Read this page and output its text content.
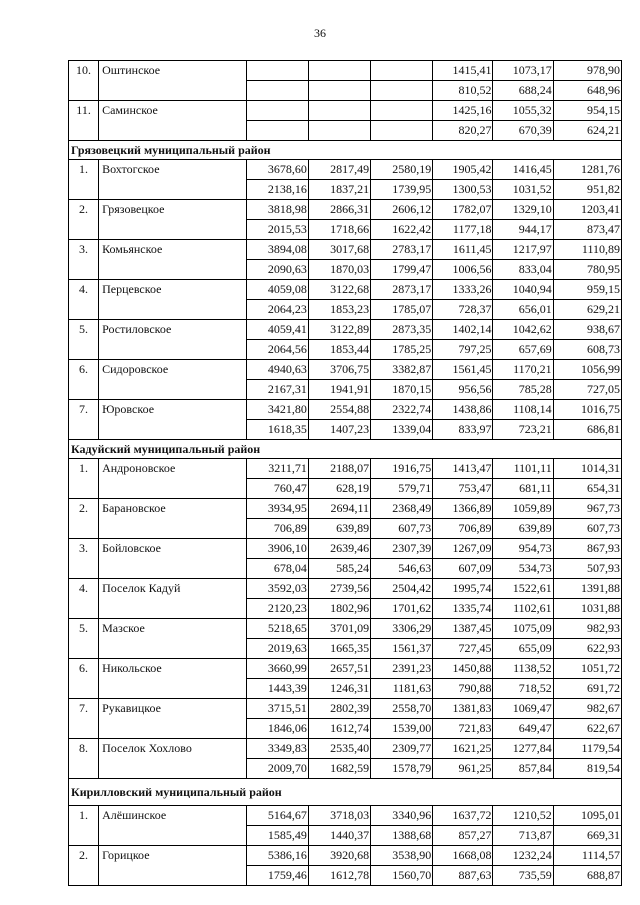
36
10.	Оштинское				1415,41	1073,17	978,90
					810,52	688,24	648,96
11.	Саминское				1425,16	1055,32	954,15
					820,27	670,39	624,21
Грязовецкий муниципальный район							
1.	Вохтогское	3678,60	2817,49	2580,19	1905,42	1416,45	1281,76
		2138,16	1837,21	1739,95	1300,53	1031,52	951,82
2.	Грязовецкое	3818,98	2866,31	2606,12	1782,07	1329,10	1203,41
		2015,53	1718,66	1622,42	1177,18	944,17	873,47
3.	Комьянское	3894,08	3017,68	2783,17	1611,45	1217,97	1110,89
		2090,63	1870,03	1799,47	1006,56	833,04	780,95
4.	Перцевское	4059,08	3122,68	2873,17	1333,26	1040,94	959,15
		2064,23	1853,23	1785,07	728,37	656,01	629,21
5.	Ростиловское	4059,41	3122,89	2873,35	1402,14	1042,62	938,67
		2064,56	1853,44	1785,25	797,25	657,69	608,73
6.	Сидоровское	4940,63	3706,75	3382,87	1561,45	1170,21	1056,99
		2167,31	1941,91	1870,15	956,56	785,28	727,05
7.	Юровское	3421,80	2554,88	2322,74	1438,86	1108,14	1016,75
		1618,35	1407,23	1339,04	833,97	723,21	686,81
Кадуйский муниципальный район							
1.	Андроновское	3211,71	2188,07	1916,75	1413,47	1101,11	1014,31
		760,47	628,19	579,71	753,47	681,11	654,31
2.	Барановское	3934,95	2694,11	2368,49	1366,89	1059,89	967,73
		706,89	639,89	607,73	706,89	639,89	607,73
3.	Бойловское	3906,10	2639,46	2307,39	1267,09	954,73	867,93
		678,04	585,24	546,63	607,09	534,73	507,93
4.	Поселок Кадуй	3592,03	2739,56	2504,42	1995,74	1522,61	1391,88
		2120,23	1802,96	1701,62	1335,74	1102,61	1031,88
5.	Мазское	5218,65	3701,09	3306,29	1387,45	1075,09	982,93
		2019,63	1665,35	1561,37	727,45	655,09	622,93
6.	Никольское	3660,99	2657,51	2391,23	1450,88	1138,52	1051,72
		1443,39	1246,31	1181,63	790,88	718,52	691,72
7.	Рукавицкое	3715,51	2802,39	2558,70	1381,83	1069,47	982,67
		1846,06	1612,74	1539,00	721,83	649,47	622,67
8.	Поселок Хохлово	3349,83	2535,40	2309,77	1621,25	1277,84	1179,54
		2009,70	1682,59	1578,79	961,25	857,84	819,54
Кирилловский муниципальный район							
1.	Алёшинское	5164,67	3718,03	3340,96	1637,72	1210,52	1095,01
		1585,49	1440,37	1388,68	857,27	713,87	669,31
2.	Горицкое	5386,16	3920,68	3538,90	1668,08	1232,24	1114,57
		1759,46	1612,78	1560,70	887,63	735,59	688,87
